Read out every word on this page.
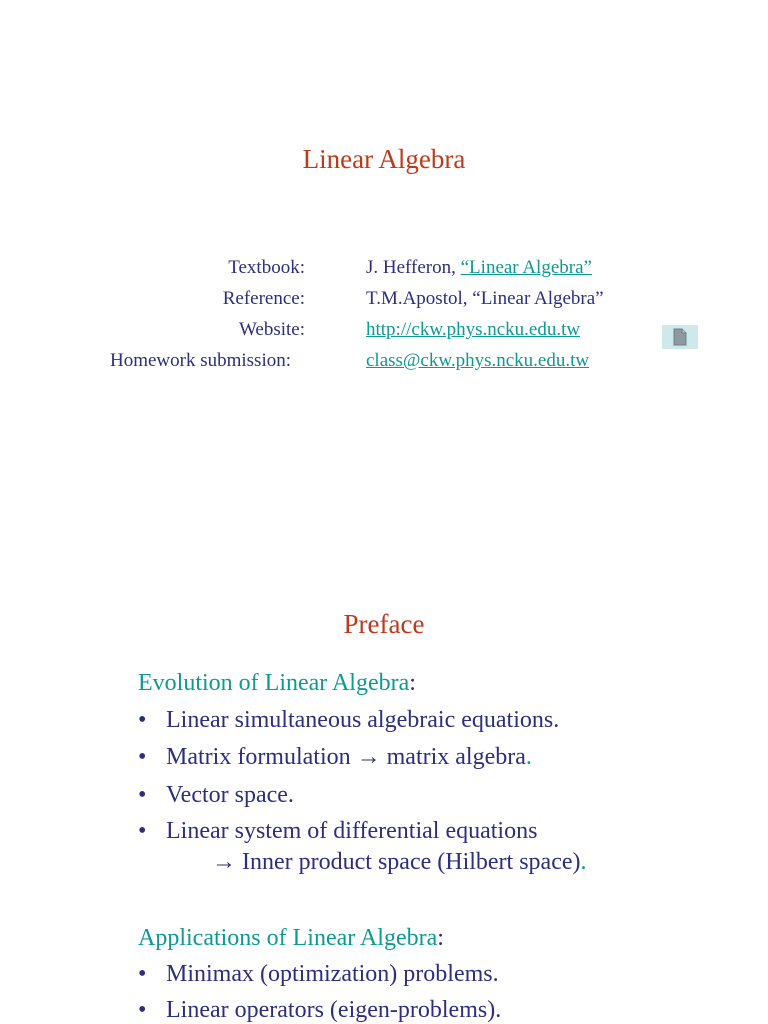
Linear Algebra
Textbook:	J. Hefferon, “Linear Algebra”
Reference:	T.M.Apostol, “Linear Algebra”
Website:	http://ckw.phys.ncku.edu.tw
Homework submission:	class@ckw.phys.ncku.edu.tw
Preface
Evolution of Linear Algebra:
• Linear simultaneous algebraic equations.
• Matrix formulation → matrix algebra.
• Vector space.
• Linear system of differential equations
→ Inner product space (Hilbert space).
Applications of Linear Algebra:
• Minimax (optimization) problems.
• Linear operators (eigen-problems).
